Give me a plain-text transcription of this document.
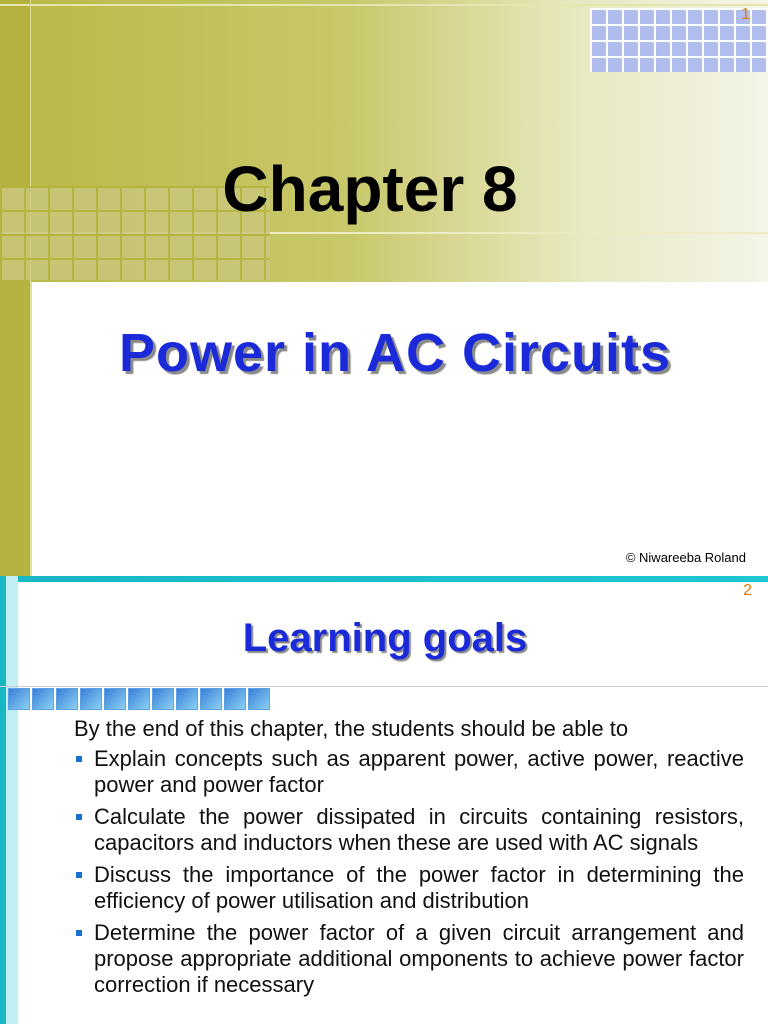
1
Chapter 8
Power in AC Circuits
© Niwareeba Roland
2
Learning goals

By the end of this chapter, the students should be able to

Explain concepts such as apparent power, active power, reactive power and power factor
Calculate the power dissipated in circuits containing resistors, capacitors and inductors when these are used with AC signals
Discuss the importance of the power factor in determining the efficiency of power utilisation and distribution
Determine the power factor of a given circuit arrangement and propose appropriate additional omponents to achieve power factor correction if necessary
